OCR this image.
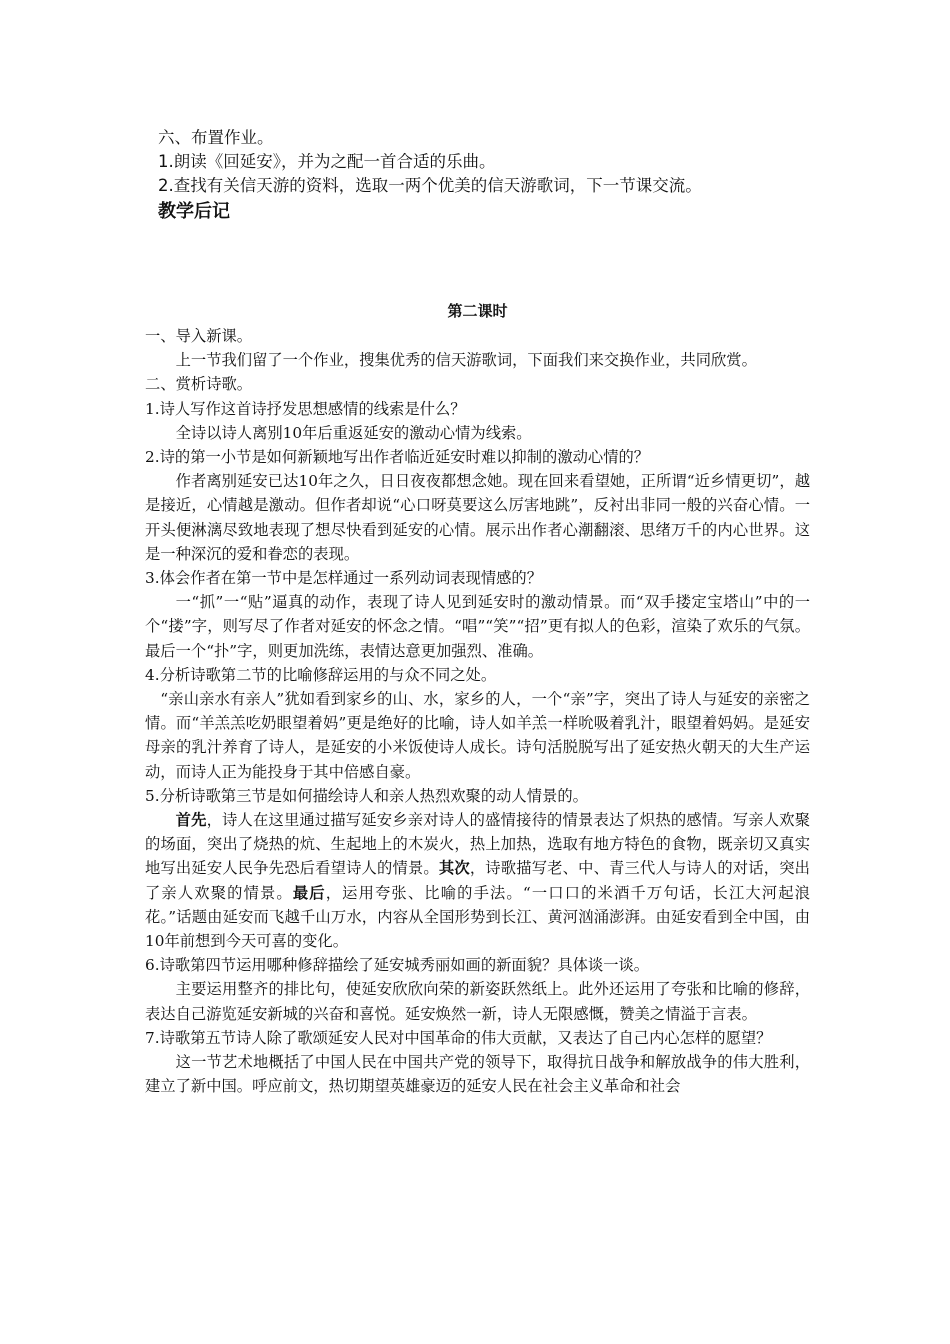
六、布置作业。
1.朗读《回延安》，并为之配一首合适的乐曲。
2.查找有关信天游的资料，选取一两个优美的信天游歌词，下一节课交流。
教学后记

第二课时

一、导入新课。

上一节我们留了一个作业，搜集优秀的信天游歌词，下面我们来交换作业，共同欣赏。

二、赏析诗歌。

1.诗人写作这首诗抒发思想感情的线索是什么？

全诗以诗人离别10年后重返延安的激动心情为线索。

2.诗的第一小节是如何新颖地写出作者临近延安时难以抑制的激动心情的？

作者离别延安已达10年之久，日日夜夜都想念她。现在回来看望她，正所谓“近乡情更切”，越是接近，心情越是激动。但作者却说“心口呀莫要这么厉害地跳”，反衬出非同一般的兴奋心情。一开头便淋漓尽致地表现了想尽快看到延安的心情。展示出作者心潮翻滚、思绪万千的内心世界。这是一种深沉的爱和眷恋的表现。

3.体会作者在第一节中是怎样通过一系列动词表现情感的？

一“抓”一“贴”逼真的动作，表现了诗人见到延安时的激动情景。而“双手搂定宝塔山”中的一个“搂”字，则写尽了作者对延安的怀念之情。“唱”“笑”“招”更有拟人的色彩，渲染了欢乐的气氛。最后一个“扑”字，则更加洗练，表情达意更加强烈、准确。

4.分析诗歌第二节的比喻修辞运用的与众不同之处。

“亲山亲水有亲人”犹如看到家乡的山、水，家乡的人，一个“亲”字，突出了诗人与延安的亲密之情。而“羊羔羔吃奶眼望着妈”更是绝好的比喻，诗人如羊羔一样吮吸着乳汁，眼望着妈妈。是延安母亲的乳汁养育了诗人，是延安的小米饭使诗人成长。诗句活脱脱写出了延安热火朝天的大生产运动，而诗人正为能投身于其中倍感自豪。

5.分析诗歌第三节是如何描绘诗人和亲人热烈欢聚的动人情景的。

首先，诗人在这里通过描写延安乡亲对诗人的盛情接待的情景表达了炽热的感情。写亲人欢聚的场面，突出了烧热的炕、生起地上的木炭火，热上加热，选取有地方特色的食物，既亲切又真实地写出延安人民争先恐后看望诗人的情景。其次，诗歌描写老、中、青三代人与诗人的对话，突出了亲人欢聚的情景。最后，运用夸张、比喻的手法。“一口口的米酒千万句话，长江大河起浪花。”话题由延安而飞越千山万水，内容从全国形势到长江、黄河汹涌澎湃。由延安看到全中国，由10年前想到今天可喜的变化。

6.诗歌第四节运用哪种修辞描绘了延安城秀丽如画的新面貌？具体谈一谈。

主要运用整齐的排比句，使延安欣欣向荣的新姿跃然纸上。此外还运用了夸张和比喻的修辞，表达自己游览延安新城的兴奋和喜悦。延安焕然一新，诗人无限感慨，赞美之情溢于言表。

7.诗歌第五节诗人除了歌颂延安人民对中国革命的伟大贡献，又表达了自己内心怎样的愿望？

这一节艺术地概括了中国人民在中国共产党的领导下，取得抗日战争和解放战争的伟大胜利，建立了新中国。呼应前文，热切期望英雄豪迈的延安人民在社会主义革命和社会
